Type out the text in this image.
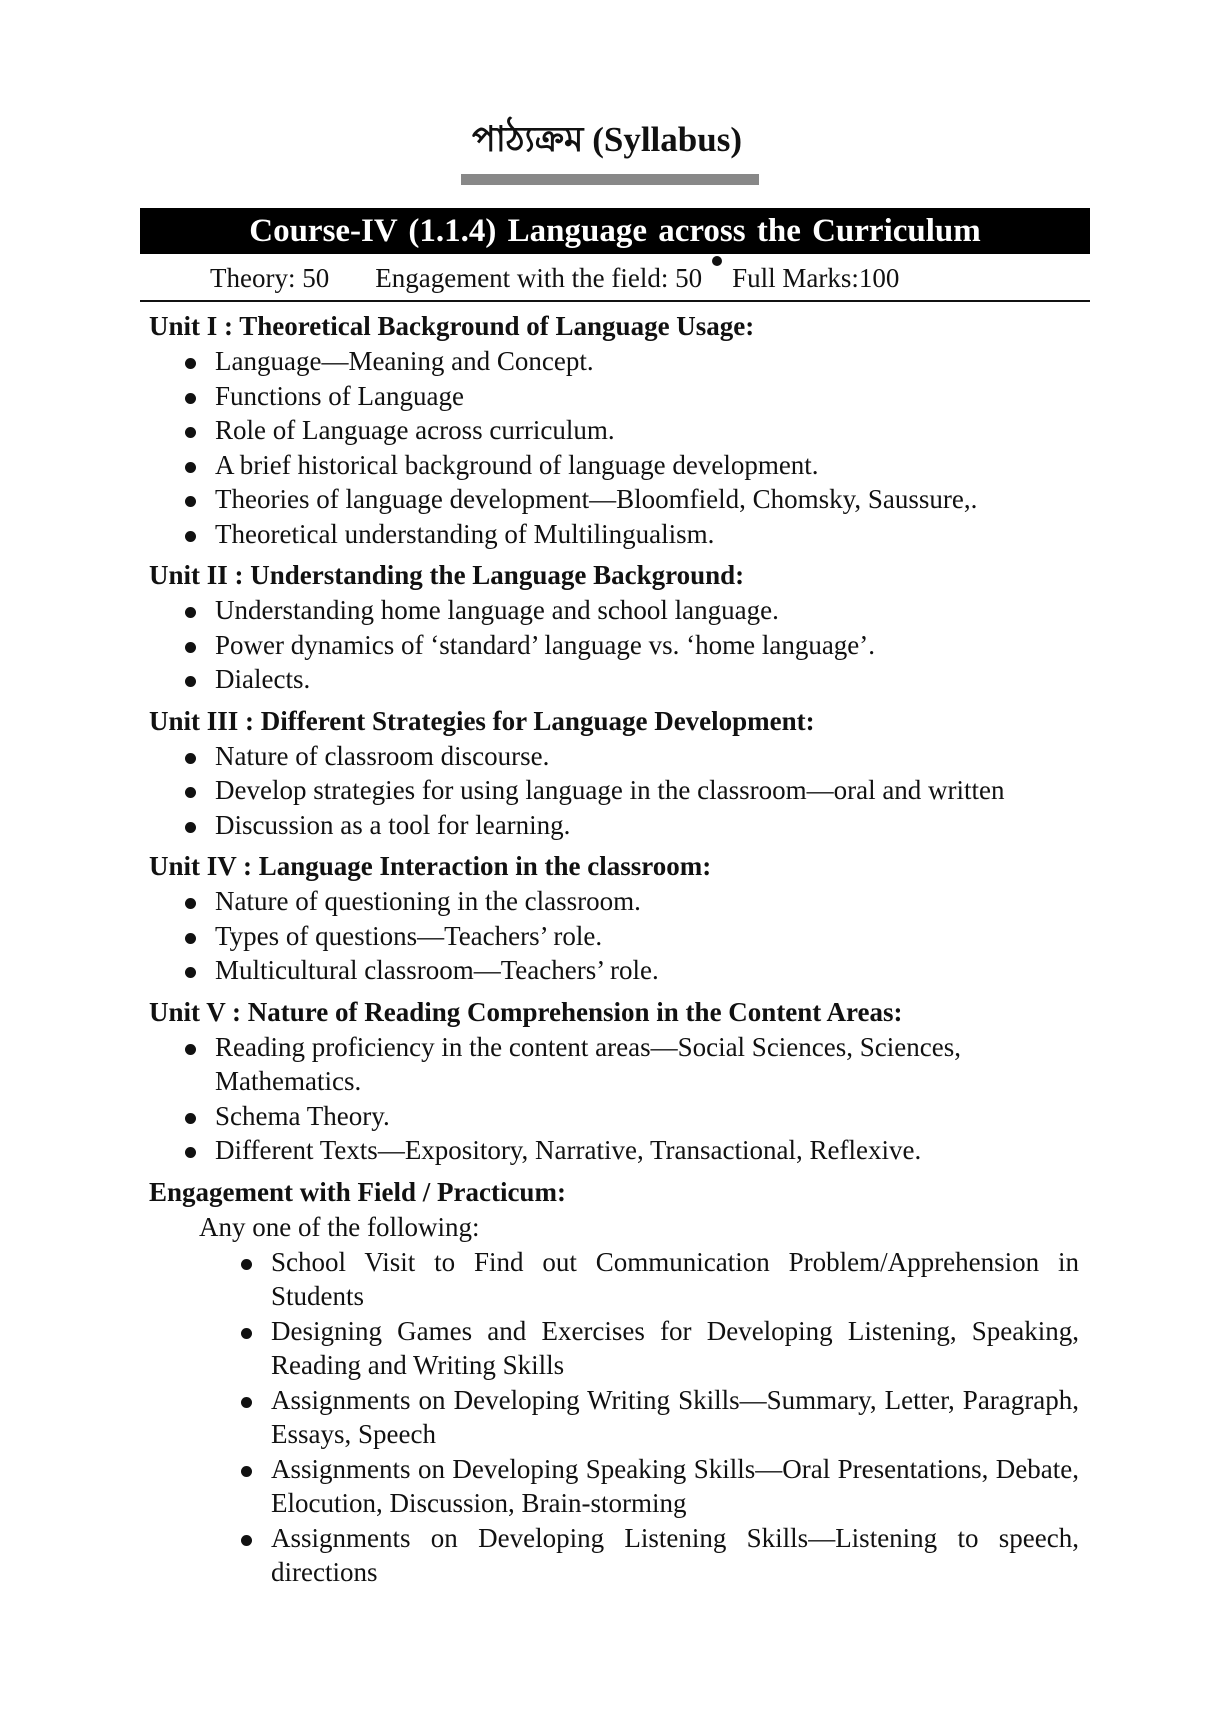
পাঠ্যক্রম (Syllabus)
Course-IV (1.1.4) Language across the Curriculum
Theory: 50 Engagement with the field: 50 Full Marks:100
Unit I : Theoretical Background of Language Usage:
Language—Meaning and Concept.
Functions of Language
Role of Language across curriculum.
A brief historical background of language development.
Theories of language development—Bloomfield, Chomsky, Saussure,.
Theoretical understanding of Multilingualism.
Unit II : Understanding the Language Background:
Understanding home language and school language.
Power dynamics of ‘standard’ language vs. ‘home language’.
Dialects.
Unit III : Different Strategies for Language Development:
Nature of classroom discourse.
Develop strategies for using language in the classroom—oral and written
Discussion as a tool for learning.
Unit IV : Language Interaction in the classroom:
Nature of questioning in the classroom.
Types of questions—Teachers’ role.
Multicultural classroom—Teachers’ role.
Unit V : Nature of Reading Comprehension in the Content Areas:
Reading proficiency in the content areas—Social Sciences, Sciences, Mathematics.
Schema Theory.
Different Texts—Expository, Narrative, Transactional, Reflexive.
Engagement with Field / Practicum:
Any one of the following:
School Visit to Find out Communication Problem/Apprehension in Students
Designing Games and Exercises for Developing Listening, Speaking, Reading and Writing Skills
Assignments on Developing Writing Skills—Summary, Letter, Paragraph, Essays, Speech
Assignments on Developing Speaking Skills—Oral Presentations, Debate, Elocution, Discussion, Brain-storming
Assignments on Developing Listening Skills—Listening to speech, directions
